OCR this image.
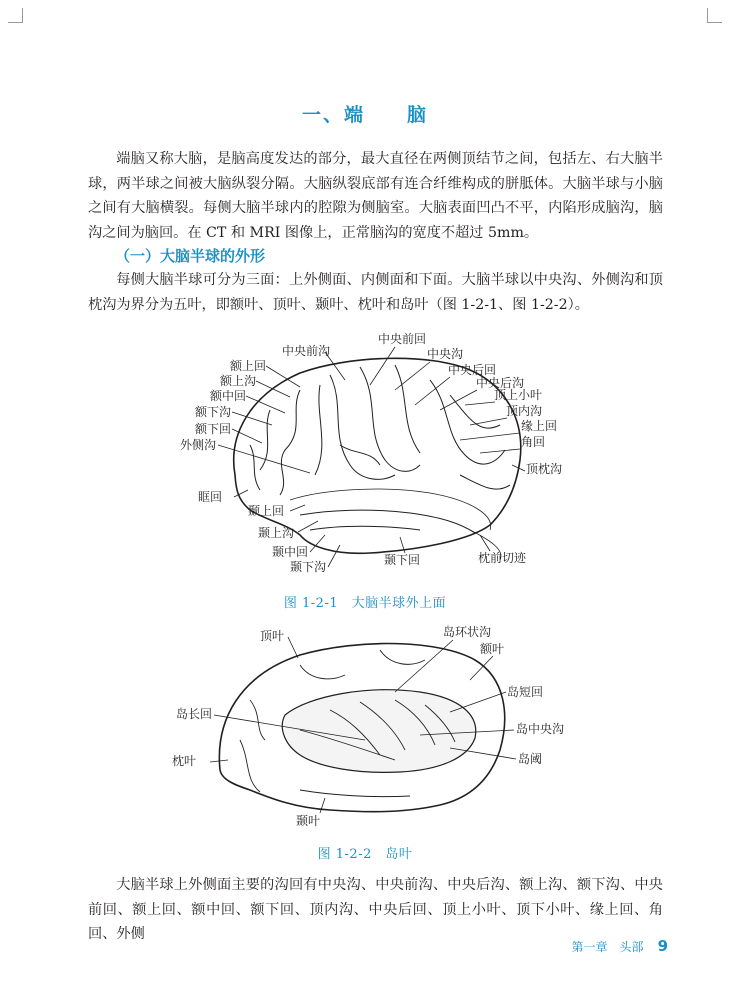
一、端　　脑

端脑又称大脑，是脑高度发达的部分，最大直径在两侧顶结节之间，包括左、右大脑半球，两半球之间被大脑纵裂分隔。大脑纵裂底部有连合纤维构成的胼胝体。大脑半球与小脑之间有大脑横裂。每侧大脑半球内的腔隙为侧脑室。大脑表面凹凸不平，内陷形成脑沟，脑沟之间为脑回。在 CT 和 MRI 图像上，正常脑沟的宽度不超过 5mm。

（一）大脑半球的外形

每侧大脑半球可分为三面：上外侧面、内侧面和下面。大脑半球以中央沟、外侧沟和顶枕沟为界分为五叶，即额叶、顶叶、颞叶、枕叶和岛叶（图 1-2-1、图 1-2-2）。

中央前沟
额上回
额上沟
额中回
额下沟
额下回
外侧沟
眶回
颞上回
颞上沟
颞中回
颞下沟	颞下回	枕前切迹
中央前回
中央沟
中央后回
中央后沟
顶上小叶
顶内沟
缘上回
角回
顶枕沟
图 1-2-1　大脑半球外上面
顶叶	岛环状沟
额叶
岛短回
岛长回
岛中央沟
枕叶	岛阈
颞叶
图 1-2-2　岛叶

大脑半球上外侧面主要的沟回有中央沟、中央前沟、中央后沟、额上沟、额下沟、中央前回、额上回、额中回、额下回、顶内沟、中央后回、顶上小叶、顶下小叶、缘上回、角回、外侧

第一章　头部 9
